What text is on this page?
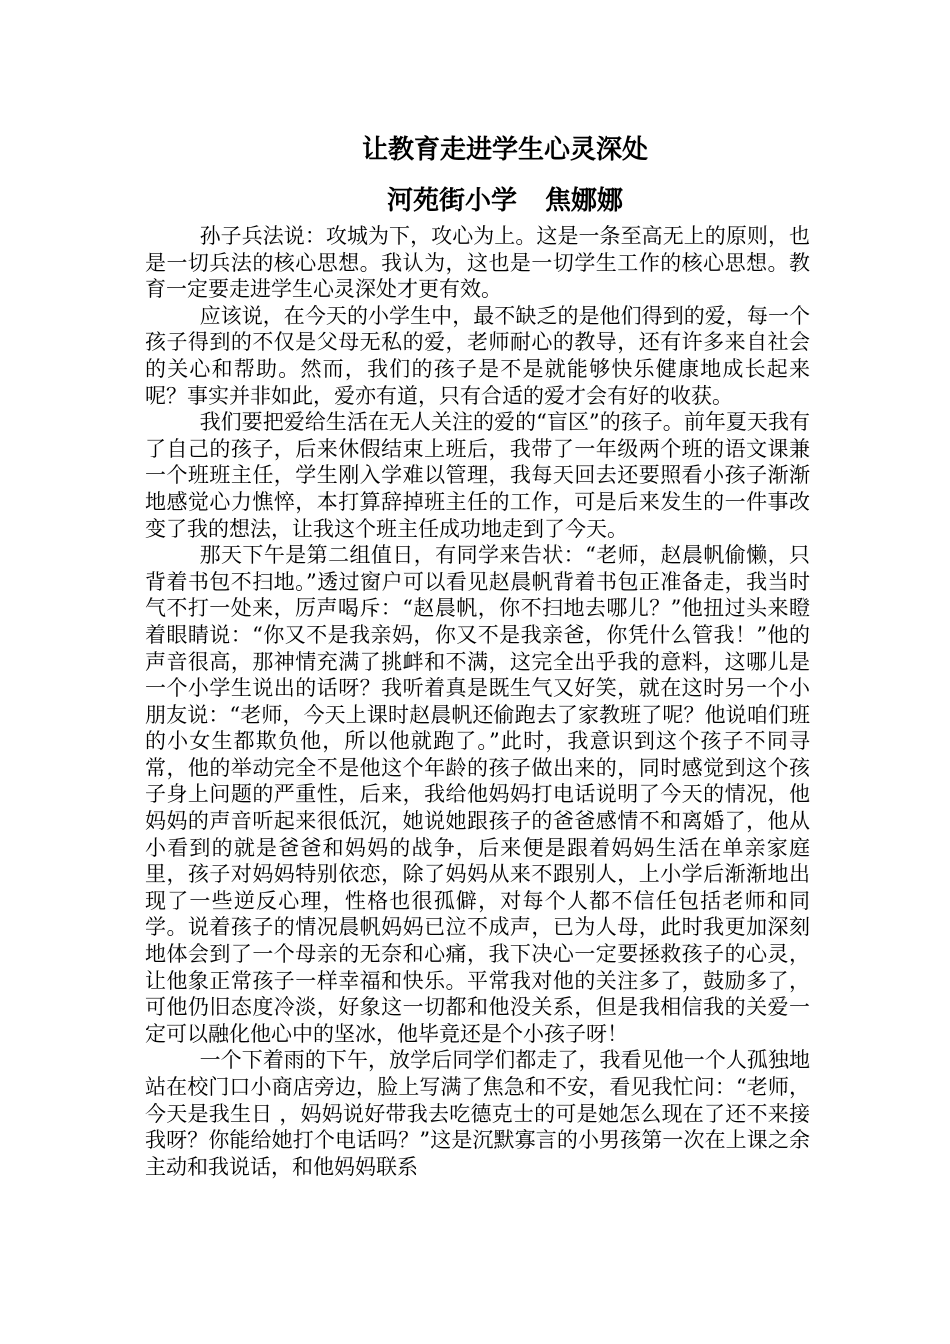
让教育走进学生心灵深处
河苑街小学 焦娜娜

孙子兵法说：攻城为下，攻心为上。这是一条至高无上的原则，也是一切兵法的核心思想。我认为，这也是一切学生工作的核心思想。教育一定要走进学生心灵深处才更有效。

应该说，在今天的小学生中，最不缺乏的是他们得到的爱，每一个孩子得到的不仅是父母无私的爱，老师耐心的教导，还有许多来自社会的关心和帮助。然而，我们的孩子是不是就能够快乐健康地成长起来呢？事实并非如此，爱亦有道，只有合适的爱才会有好的收获。

我们要把爱给生活在无人关注的爱的“盲区”的孩子。前年夏天我有了自己的孩子，后来休假结束上班后，我带了一年级两个班的语文课兼一个班班主任，学生刚入学难以管理，我每天回去还要照看小孩子渐渐地感觉心力憔悴，本打算辞掉班主任的工作，可是后来发生的一件事改变了我的想法，让我这个班主任成功地走到了今天。

那天下午是第二组值日，有同学来告状：“老师，赵晨帆偷懒，只背着书包不扫地。”透过窗户可以看见赵晨帆背着书包正准备走，我当时气不打一处来，厉声喝斥：“赵晨帆，你不扫地去哪儿？”他扭过头来瞪着眼睛说：“你又不是我亲妈，你又不是我亲爸，你凭什么管我！”他的声音很高，那神情充满了挑衅和不满，这完全出乎我的意料，这哪儿是一个小学生说出的话呀？我听着真是既生气又好笑，就在这时另一个小朋友说：“老师，今天上课时赵晨帆还偷跑去了家教班了呢？他说咱们班的小女生都欺负他，所以他就跑了。”此时，我意识到这个孩子不同寻常，他的举动完全不是他这个年龄的孩子做出来的，同时感觉到这个孩子身上问题的严重性，后来，我给他妈妈打电话说明了今天的情况，他妈妈的声音听起来很低沉，她说她跟孩子的爸爸感情不和离婚了，他从小看到的就是爸爸和妈妈的战争，后来便是跟着妈妈生活在单亲家庭里，孩子对妈妈特别依恋，除了妈妈从来不跟别人，上小学后渐渐地出现了一些逆反心理，性格也很孤僻，对每个人都不信任包括老师和同学。说着孩子的情况晨帆妈妈已泣不成声，已为人母，此时我更加深刻地体会到了一个母亲的无奈和心痛，我下决心一定要拯救孩子的心灵，让他象正常孩子一样幸福和快乐。平常我对他的关注多了，鼓励多了，可他仍旧态度冷淡，好象这一切都和他没关系，但是我相信我的关爱一定可以融化他心中的坚冰，他毕竟还是个小孩子呀！

一个下着雨的下午，放学后同学们都走了，我看见他一个人孤独地站在校门口小商店旁边，脸上写满了焦急和不安，看见我忙问：“老师，今天是我生日 ，妈妈说好带我去吃德克士的可是她怎么现在了还不来接我呀？你能给她打个电话吗？”这是沉默寡言的小男孩第一次在上课之余主动和我说话，和他妈妈联系
